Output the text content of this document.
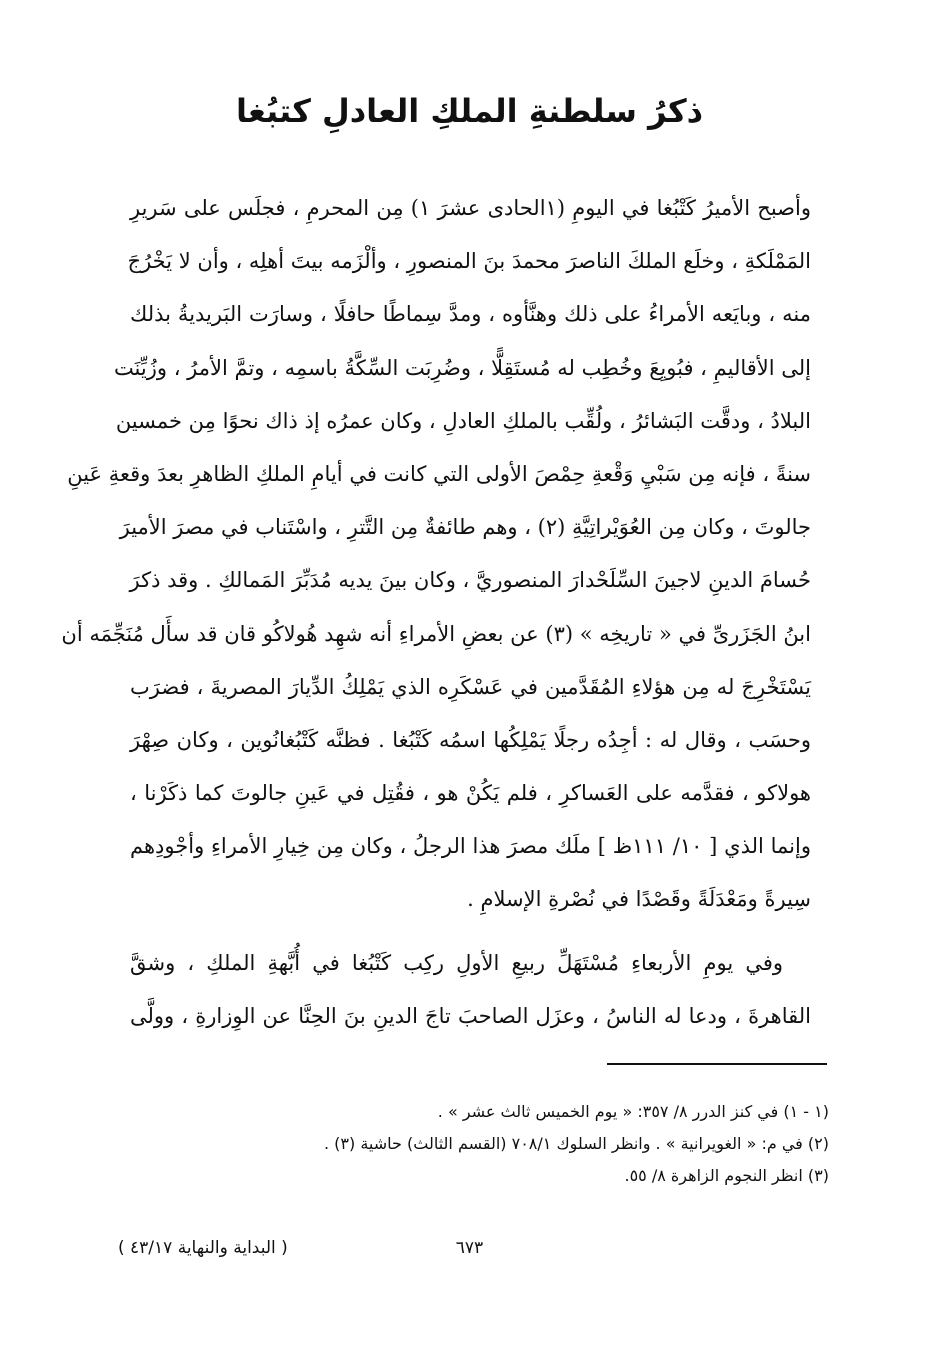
ذكرُ سلطنةِ الملكِ العادلِ كتبُغا
وأصبح الأميرُ كَتْبُغا في اليومِ (١الحادى عشرَ ١) مِن المحرمِ ، فجلَس على سَريرِ
المَمْلَكةِ ، وخلَع الملكَ الناصرَ محمدَ بنَ المنصورِ ، وألْزَمه بيتَ أهلِه ، وأن لا يَخْرُجَ
منه ، وبايَعه الأمراءُ على ذلك وهنَّأوه ، ومدَّ سِماطًا حافلًا ، وسارَت البَريديةُ بذلك
إلى الأقاليمِ ، فبُويِعَ وخُطِب له مُستَقِلًّا ، وضُرِبَت السِّكَّةُ باسمِه ، وتمَّ الأمرُ ، وزُيِّنَت
البلادُ ، ودقَّت البَشائرُ ، ولُقِّب بالملكِ العادلِ ، وكان عمرُه إذ ذاك نحوًا مِن خمسين
سنةً ، فإنه مِن سَبْيِ وَقْعةِ حِمْصَ الأولى التي كانت في أيامِ الملكِ الظاهرِ بعدَ وقعةِ عَينِ
جالوتَ ، وكان مِن العُوَيْراتِيَّةِ (٢) ، وهم طائفةٌ مِن التَّترِ ، واسْتَناب في مصرَ الأميرَ
حُسامَ الدينِ لاجينَ السِّلَحْدارَ المنصوريَّ ، وكان بينَ يديه مُدَبِّرَ المَمالكِ . وقد ذكرَ
ابنُ الجَزَرىِّ في « تاريخِه » (٣) عن بعضِ الأمراءِ أنه شهِد هُولاكُو قان قد سأَل مُنَجِّمَه أن
يَسْتَخْرِجَ له مِن هؤلاءِ المُقَدَّمين في عَسْكَرِه الذي يَمْلِكُ الدِّيارَ المصريةَ ، فضرَب
وحسَب ، وقال له : أجِدُه رجلًا يَمْلِكُها اسمُه كَتْبُغا . فظنَّه كَتْبُغانُوين ، وكان صِهْرَ
هولاكو ، فقدَّمه على العَساكرِ ، فلم يَكُنْ هو ، فقُتِل في عَينِ جالوتَ كما ذكَرْنا ،
وإنما الذي [ ١٠/ ١١١ظ ] ملَك مصرَ هذا الرجلُ ، وكان مِن خِيارِ الأمراءِ وأجْودِهم
سِيرةً ومَعْدَلَةً وقَصْدًا في نُصْرةِ الإسلامِ .
وفي يومِ الأربعاءِ مُسْتَهَلِّ ربيعِ الأولِ ركِب كَتْبُغا في أُبَّهةِ الملكِ ، وشقَّ
القاهرةَ ، ودعا له الناسُ ، وعزَل الصاحبَ تاجَ الدينِ بنَ الحِنَّا عن الوِزارةِ ، وولَّى
(١ - ١) في كنز الدرر ٨/ ٣٥٧: « يوم الخميس ثالث عشر » .
(٢) في م: « الغويرانية » . وانظر السلوك ٧٠٨/١ (القسم الثالث) حاشية (٣) .
(٣) انظر النجوم الزاهرة ٨/ ٥٥.
٦٧٣
( البداية والنهاية ٤٣/١٧ )
